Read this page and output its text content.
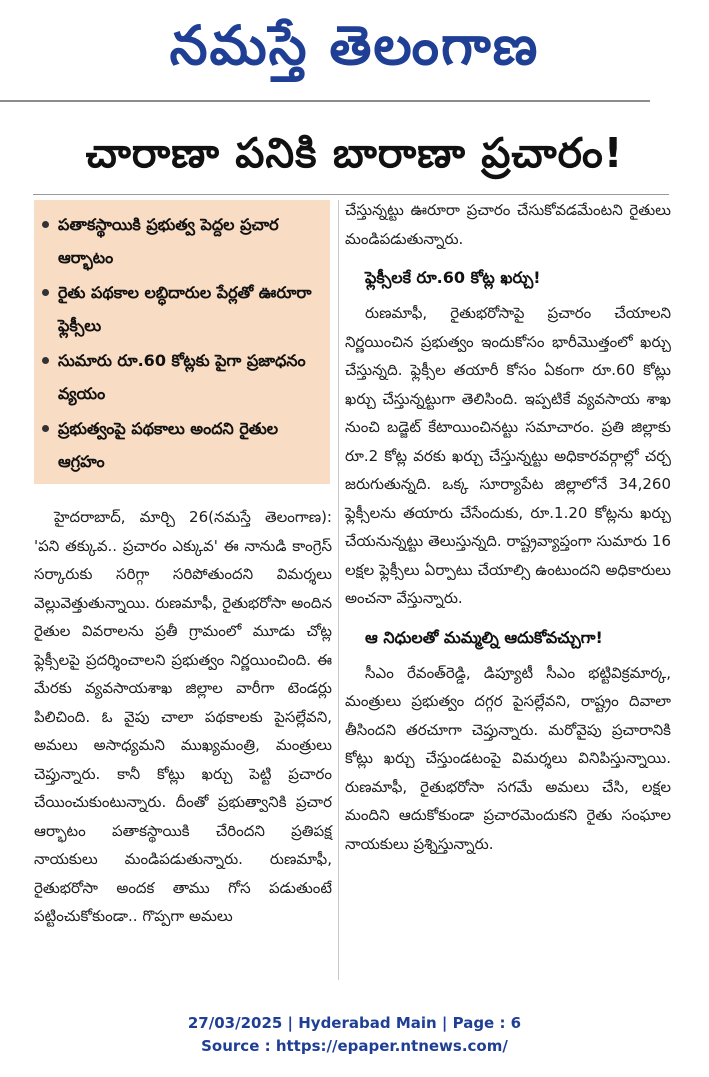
నమస్తే తెలంగాణ
చారాణా పనికి బారాణా ప్రచారం!
పతాకస్థాయికి ప్రభుత్వ పెద్దల ప్రచార ఆర్భాటం
రైతు పథకాల లబ్ధిదారుల పేర్లతో ఊరూరా ఫ్లెక్సీలు
సుమారు రూ.60 కోట్లకు పైగా ప్రజాధనం వ్యయం
ప్రభుత్వంపై పథకాలు అందని రైతుల ఆగ్రహం

హైదరాబాద్, మార్చి 26(నమస్తే తెలంగాణ): 'పని తక్కువ.. ప్రచారం ఎక్కువ' ఈ నానుడి కాంగ్రెస్ సర్కారుకు సరిగ్గా సరిపోతుందని విమర్శలు వెల్లువెత్తుతున్నాయి. రుణమాఫీ, రైతుభరోసా అందిన రైతుల వివరాలను ప్రతీ గ్రామంలో మూడు చోట్ల ఫ్లెక్సీలపై ప్రదర్శించాలని ప్రభుత్వం నిర్ణయించింది. ఈ మేరకు వ్యవసాయశాఖ జిల్లాల వారీగా టెండర్లు పిలిచింది. ఓ వైపు చాలా పథకాలకు పైసల్లేవని, అమలు అసాధ్యమని ముఖ్యమంత్రి, మంత్రులు చెప్తున్నారు. కానీ కోట్లు ఖర్చు పెట్టి ప్రచారం చేయించుకుంటున్నారు. దీంతో ప్రభుత్వానికి ప్రచార ఆర్భాటం పతాకస్థాయికి చేరిందని ప్రతిపక్ష నాయకులు మండిపడుతున్నారు. రుణమాఫీ, రైతుభరోసా అందక తాము గోస పడుతుంటే పట్టించుకోకుండా.. గొప్పగా అమలు

చేస్తున్నట్టు ఊరూరా ప్రచారం చేసుకోవడమేంటని రైతులు మండిపడుతున్నారు.

ఫ్లెక్సీలకే రూ.60 కోట్ల ఖర్చు!

రుణమాఫీ, రైతుభరోసాపై ప్రచారం చేయాలని నిర్ణయించిన ప్రభుత్వం ఇందుకోసం భారీమొత్తంలో ఖర్చు చేస్తున్నది. ఫ్లెక్సీల తయారీ కోసం ఏకంగా రూ.60 కోట్లు ఖర్చు చేస్తున్నట్టుగా తెలిసింది. ఇప్పటికే వ్యవసాయ శాఖ నుంచి బడ్జెట్ కేటాయించినట్టు సమాచారం. ప్రతి జిల్లాకు రూ.2 కోట్ల వరకు ఖర్చు చేస్తున్నట్టు అధికారవర్గాల్లో చర్చ జరుగుతున్నది. ఒక్క సూర్యాపేట జిల్లాలోనే 34,260 ఫ్లెక్సీలను తయారు చేసేందుకు, రూ.1.20 కోట్లను ఖర్చు చేయనున్నట్టు తెలుస్తున్నది. రాష్ట్రవ్యాప్తంగా సుమారు 16 లక్షల ఫ్లెక్సీలు ఏర్పాటు చేయాల్సి ఉంటుందని అధికారులు అంచనా వేస్తున్నారు.

ఆ నిధులతో మమ్మల్ని ఆదుకోవచ్చుగా!

సీఎం రేవంత్‌రెడ్డి, డిప్యూటీ సీఎం భట్టివిక్రమార్క, మంత్రులు ప్రభుత్వం దగ్గర పైసల్లేవని, రాష్ట్రం దివాలా తీసిందని తరచూగా చెప్తున్నారు. మరోవైపు ప్రచారానికి కోట్లు ఖర్చు చేస్తుండటంపై విమర్శలు వినిపిస్తున్నాయి. రుణమాఫీ, రైతుభరోసా సగమే అమలు చేసి, లక్షల మందిని ఆదుకోకుండా ప్రచారమెందుకని రైతు సంఘాల నాయకులు ప్రశ్నిస్తున్నారు.

27/03/2025 | Hyderabad Main | Page : 6
Source : https://epaper.ntnews.com/
